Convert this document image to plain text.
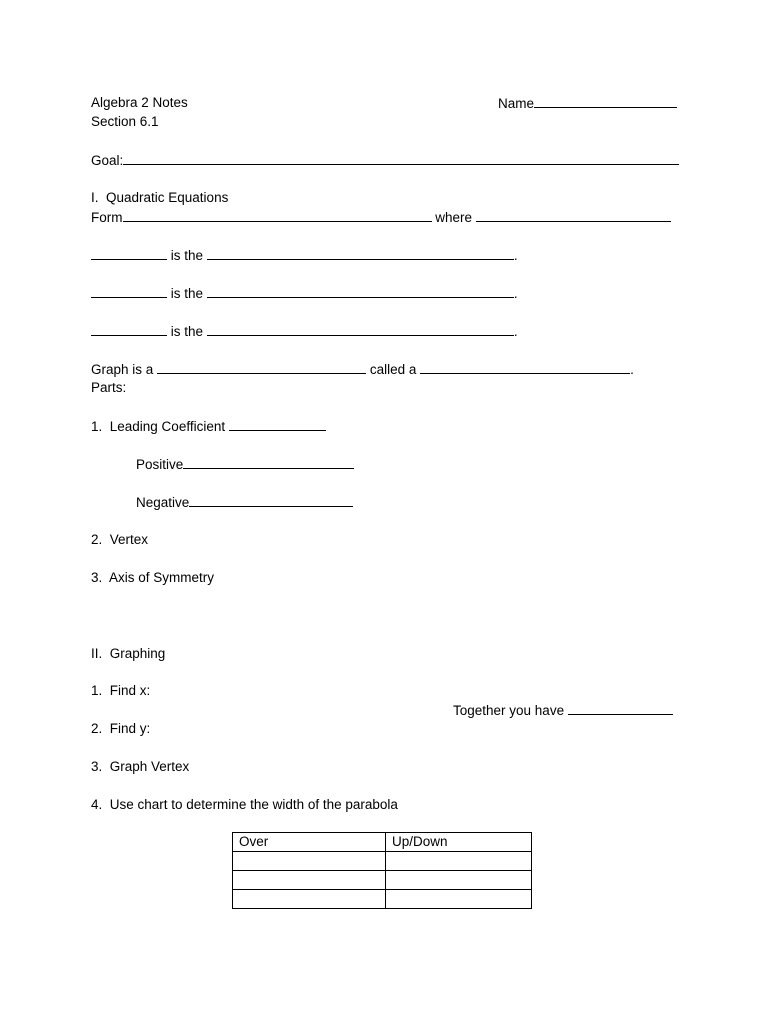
Algebra 2 Notes
Section 6.1
Name
Goal:
I.  Quadratic Equations
Form	where
is the	.
is the	.
is the	.
Graph is a	called a	.
Parts:
1.  Leading Coefficient
Positive
Negative
2.  Vertex
3.  Axis of Symmetry
II.  Graphing
1.  Find x:
Together you have
2.  Find y:
3.  Graph Vertex
4.  Use chart to determine the width of the parabola
Over	Up/Down
